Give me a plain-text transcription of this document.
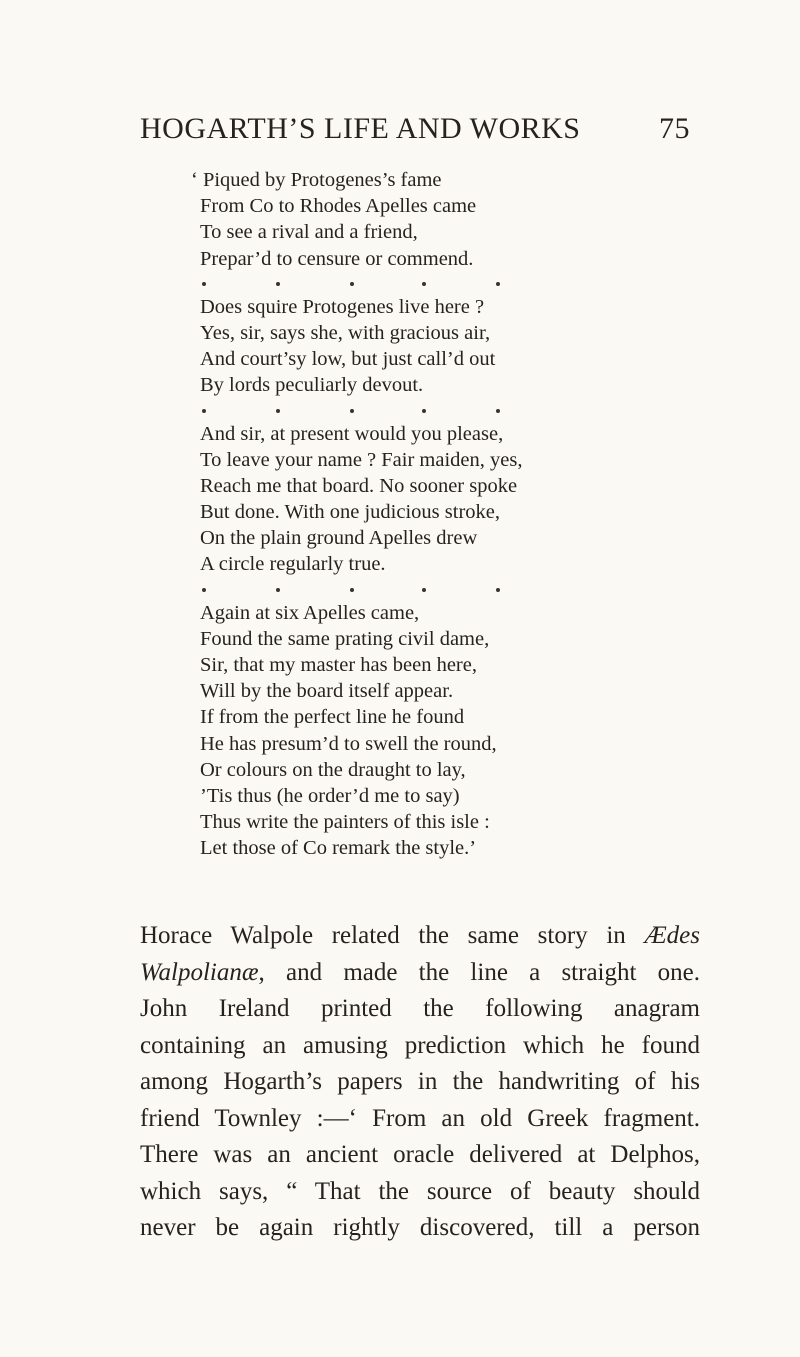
HOGARTH’S LIFE AND WORKS	75
‘ Piqued by Protogenes’s fame
From Co to Rhodes Apelles came
To see a rival and a friend,
Prepar’d to censure or commend.
Does squire Protogenes live here ?
Yes, sir, says she, with gracious air,
And court’sy low, but just call’d out
By lords peculiarly devout.
And sir, at present would you please,
To leave your name ? Fair maiden, yes,
Reach me that board. No sooner spoke
But done. With one judicious stroke,
On the plain ground Apelles drew
A circle regularly true.
Again at six Apelles came,
Found the same prating civil dame,
Sir, that my master has been here,
Will by the board itself appear.
If from the perfect line he found
He has presum’d to swell the round,
Or colours on the draught to lay,
’Tis thus (he order’d me to say)
Thus write the painters of this isle :
Let those of Co remark the style.’

Horace Walpole related the same story in Ædes

Walpolianæ, and made the line a straight one.

John Ireland printed the following anagram

containing an amusing prediction which he found

among Hogarth’s papers in the handwriting of his

friend Townley :—‘ From an old Greek fragment.

There was an ancient oracle delivered at Delphos,

which says, “ That the source of beauty should

never be again rightly discovered, till a person
